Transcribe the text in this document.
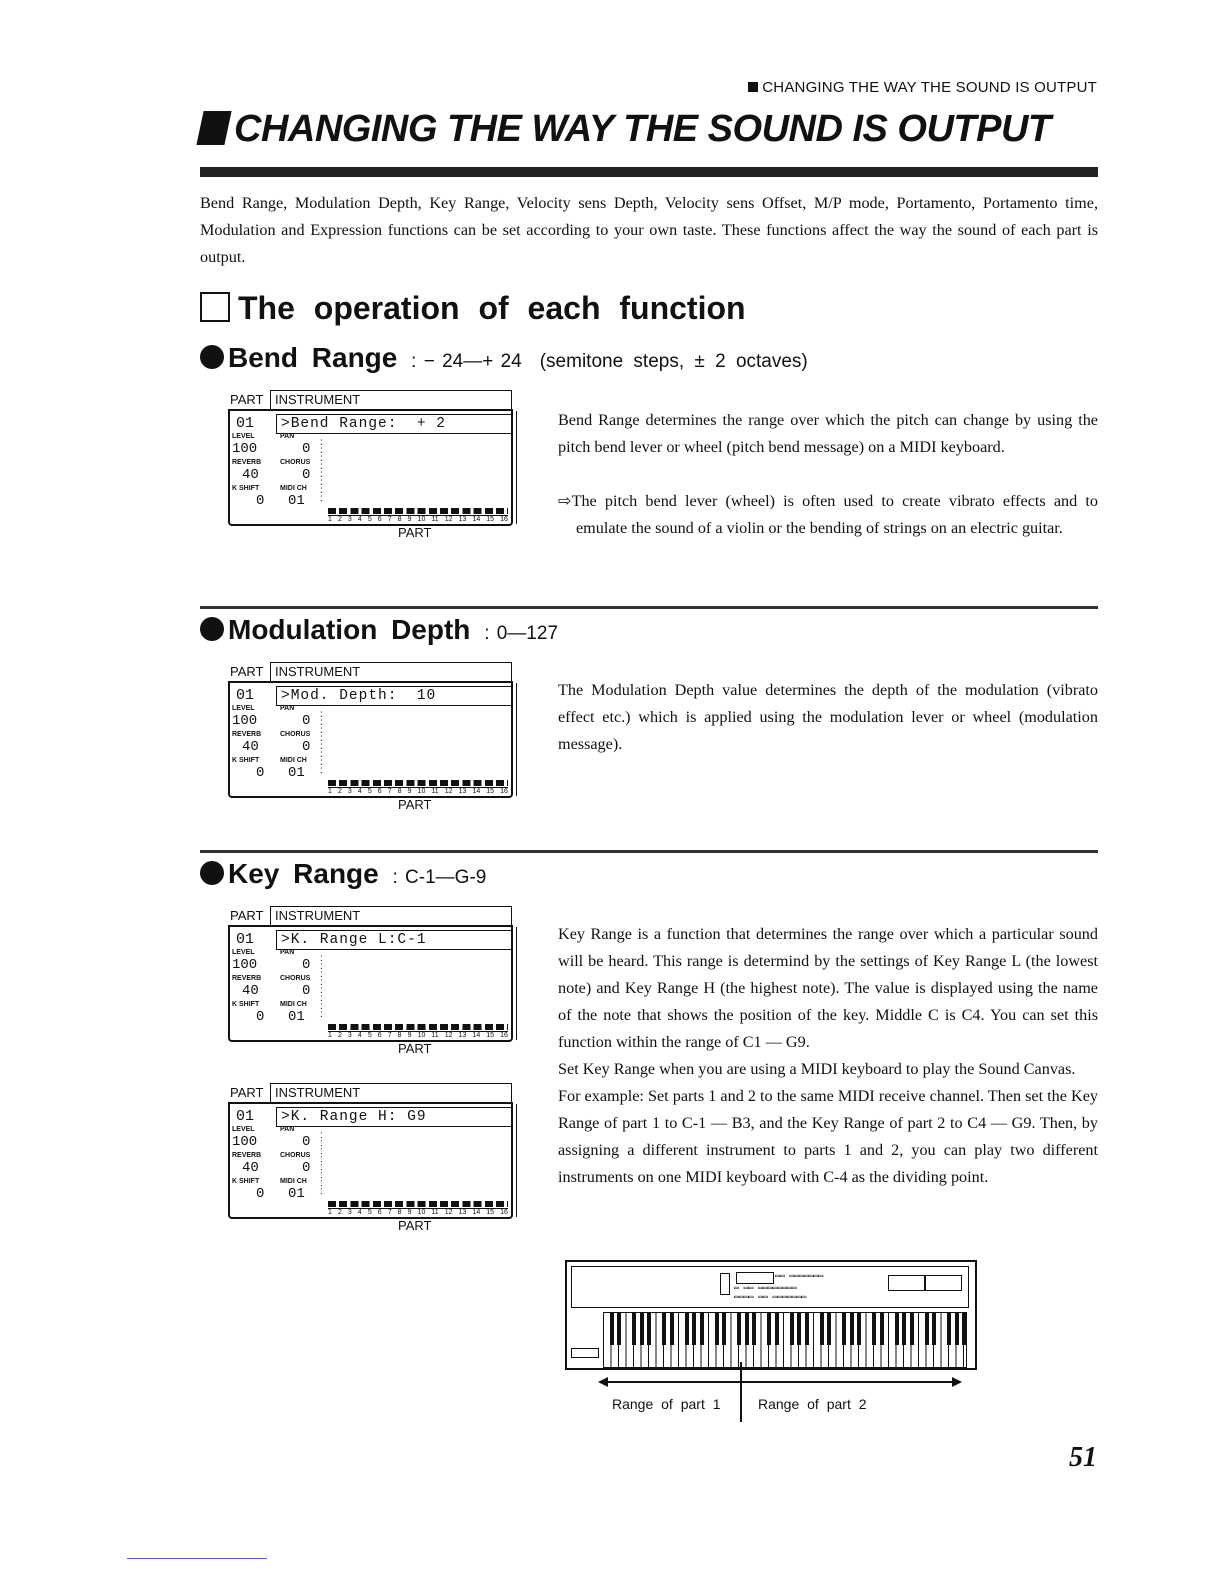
CHANGING THE WAY THE SOUND IS OUTPUT
CHANGING THE WAY THE SOUND IS OUTPUT
Bend Range, Modulation Depth, Key Range, Velocity sens Depth, Velocity sens Offset, M/P mode, Portamento, Portamento time, Modulation and Expression functions can be set according to your own taste. These functions affect the way the sound of each part is output.
The operation of each function
Bend Range : − 24—+ 24 (semitone steps, ± 2 octaves)
PART INSTRUMENT
01	>Bend Range:  + 2
LEVEL	PAN
100	0
REVERB	CHORUS
40	0
K SHIFT	MIDI CH
0 01
:
:
:
:
:
:
:
:
1 2 3 4 5 6 7 8 9 10 11 12 13 14 15 16
PART

Bend Range determines the range over which the pitch can change by using the pitch bend lever or wheel (pitch bend message) on a MIDI keyboard.

⇨The pitch bend lever (wheel) is often used to create vibrato effects and to emulate the sound of a violin or the bending of strings on an electric guitar.

Modulation Depth : 0—127
PART INSTRUMENT
01	>Mod. Depth:  10
LEVEL	PAN
100	0
REVERB	CHORUS
40	0
K SHIFT	MIDI CH
0 01
:
:
:
:
:
:
:
:
1 2 3 4 5 6 7 8 9 10 11 12 13 14 15 16
PART

The Modulation Depth value determines the depth of the modulation (vibrato effect etc.) which is applied using the modulation lever or wheel (modulation message).

Key Range : C-1—G-9
PART INSTRUMENT
01	>K. Range L:C-1
LEVEL	PAN
100	0
REVERB	CHORUS
40	0
K SHIFT	MIDI CH
0 01
:
:
:
:
:
:
:
:
1 2 3 4 5 6 7 8 9 10 11 12 13 14 15 16
PART
PART INSTRUMENT
01	>K. Range H: G9
LEVEL	PAN
100	0
REVERB	CHORUS
40	0
K SHIFT	MIDI CH
0 01
:
:
:
:
:
:
:
:
1 2 3 4 5 6 7 8 9 10 11 12 13 14 15 16
PART

Key Range is a function that determines the range over which a particular sound will be heard. This range is determind by the settings of Key Range L (the lowest note) and Key Range H (the highest note). The value is displayed using the name of the note that shows the position of the key. Middle C is C4. You can set this function within the range of C1 — G9.

Set Key Range when you are using a MIDI keyboard to play the Sound Canvas.

For example: Set parts 1 and 2 to the same MIDI receive channel. Then set the Key Range of part 1 to C-1 — B3, and the Key Range of part 2 to C4 — G9. Then, by assigning a different instrument to parts 1 and 2, you can play two different instruments on one MIDI keyboard with C-4 as the dividing point.

▭▭ ▭▭▭▭▭▭▭
▭ ▭▭ ▭▭▭▭▭▭▭▭
▭▭▭▭ ▭▭ ▭▭▭▭▭▭▭
Range of part 1	Range of part 2
51
